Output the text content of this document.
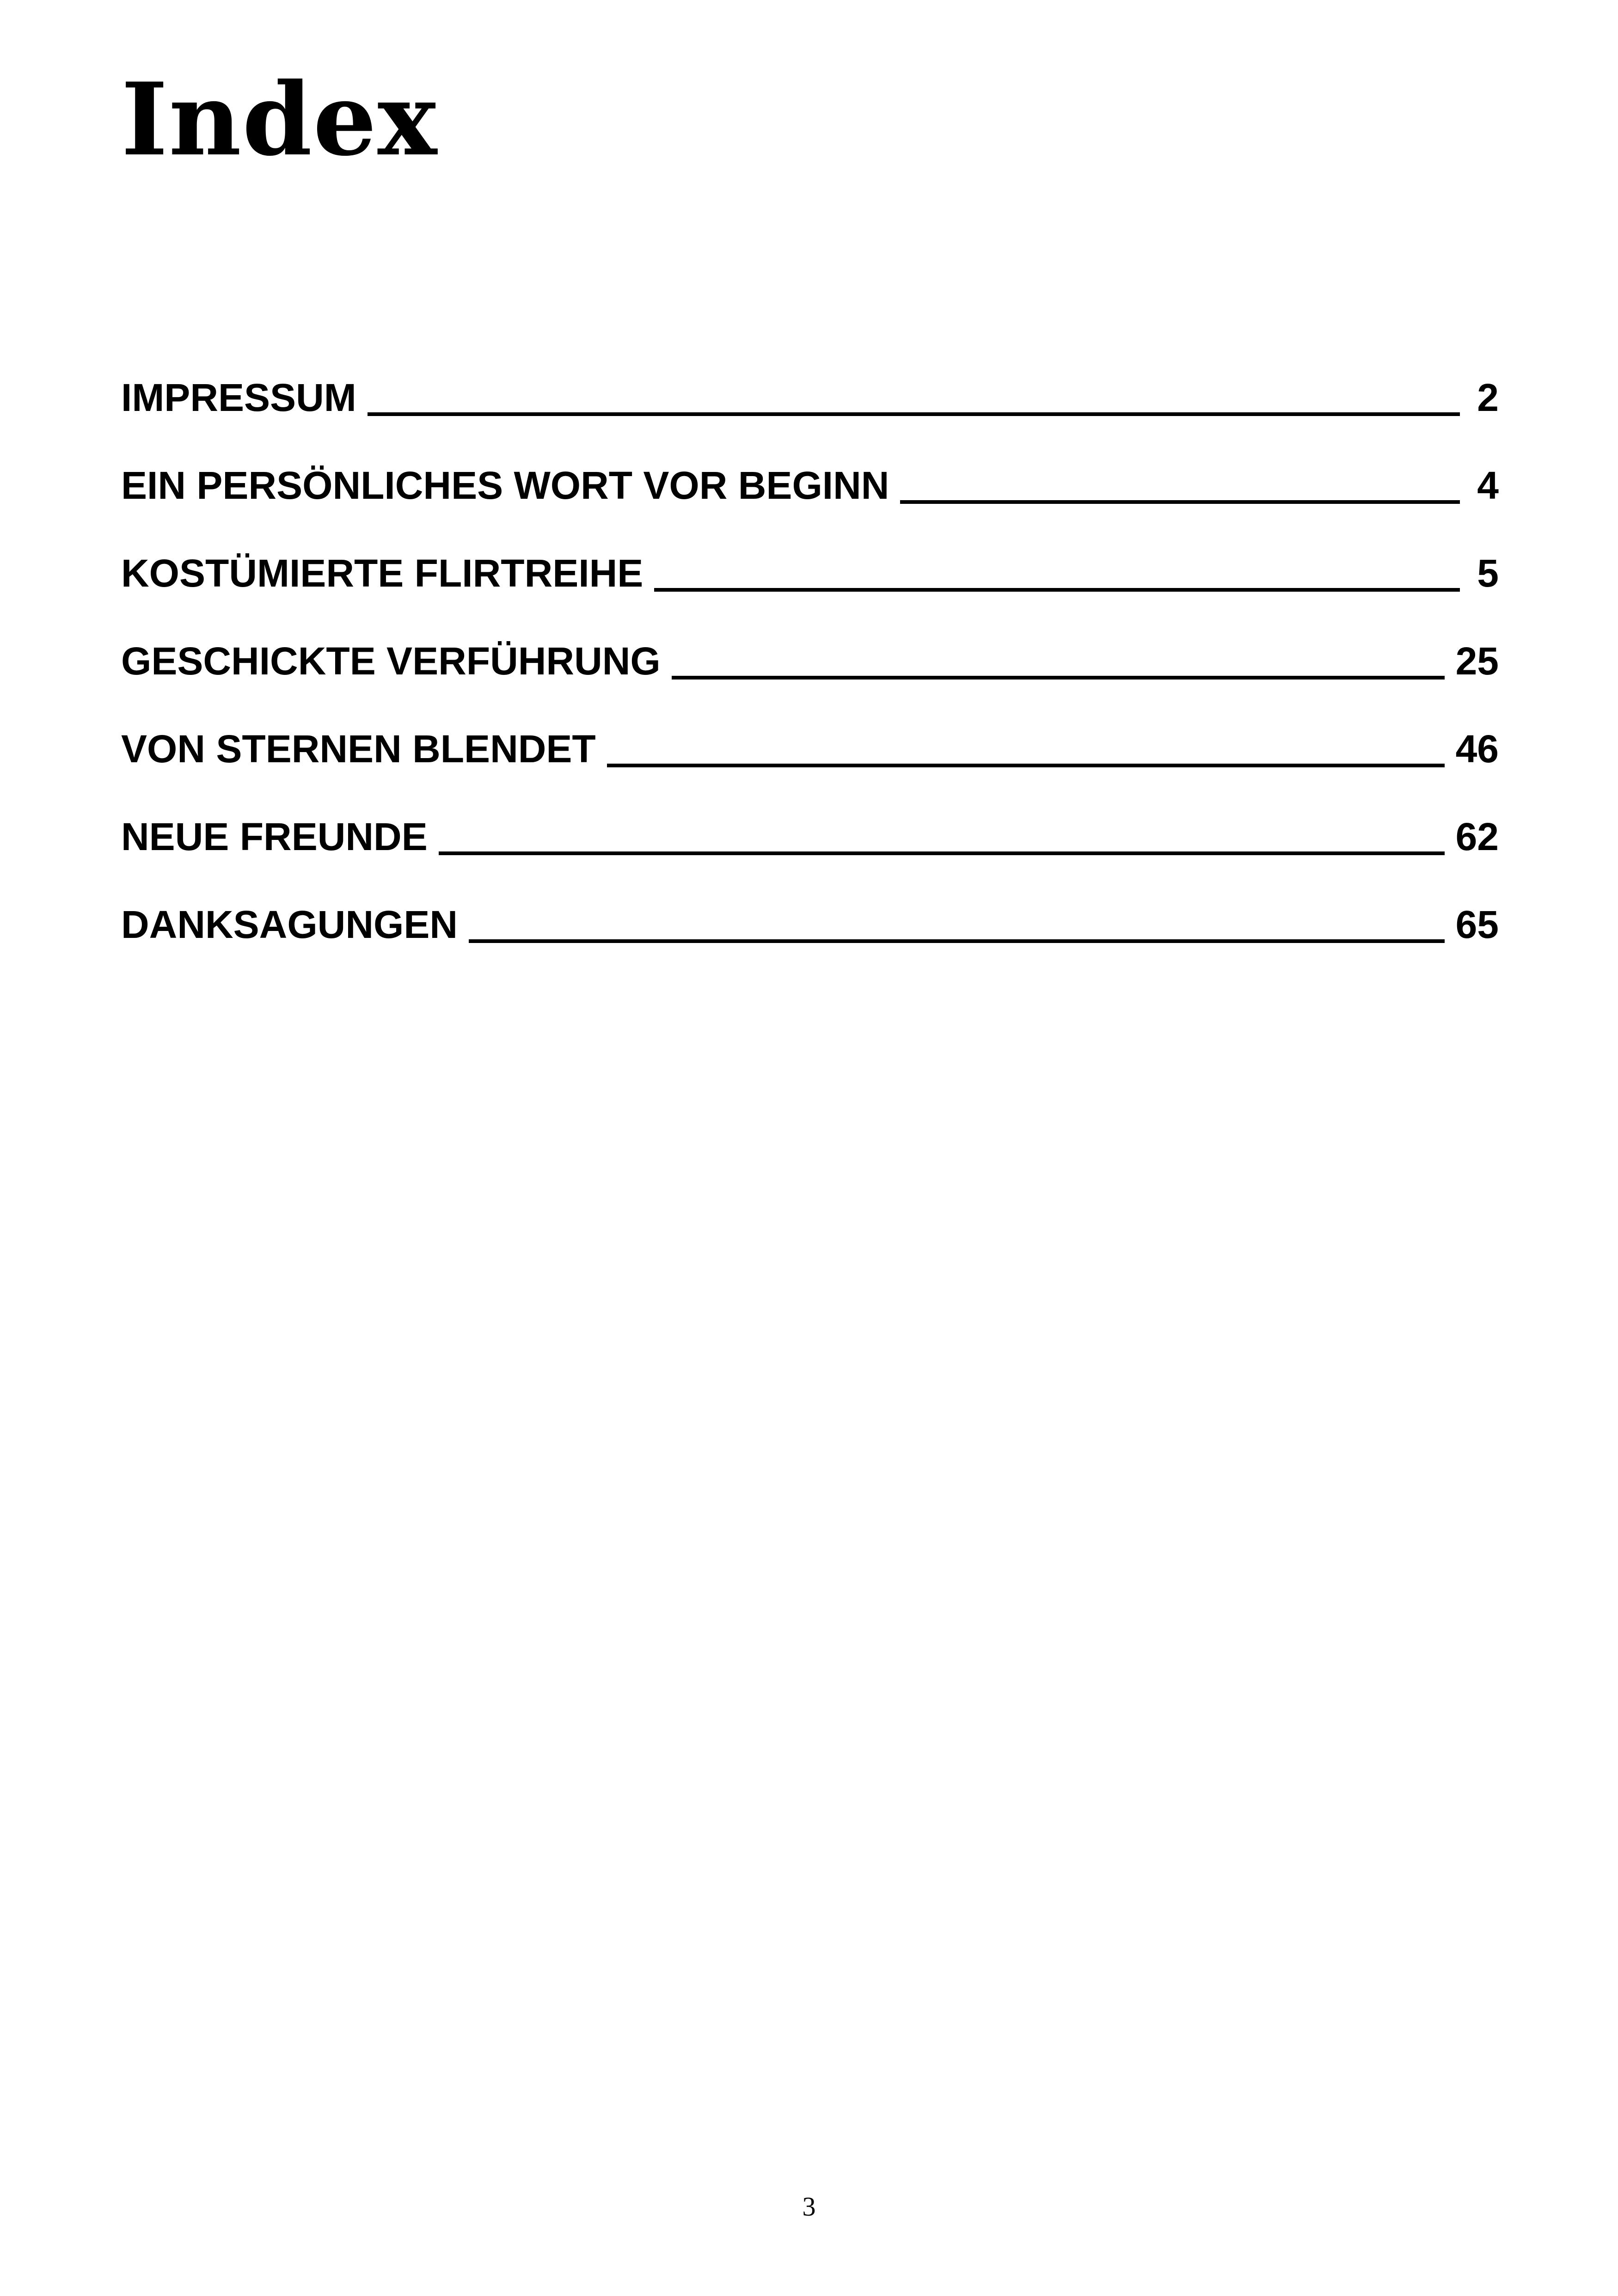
Index
IMPRESSUM	2
EIN PERSÖNLICHES WORT VOR BEGINN	4
KOSTÜMIERTE FLIRTREIHE	5
GESCHICKTE VERFÜHRUNG	25
VON STERNEN BLENDET	46
NEUE FREUNDE	62
DANKSAGUNGEN	65
3
